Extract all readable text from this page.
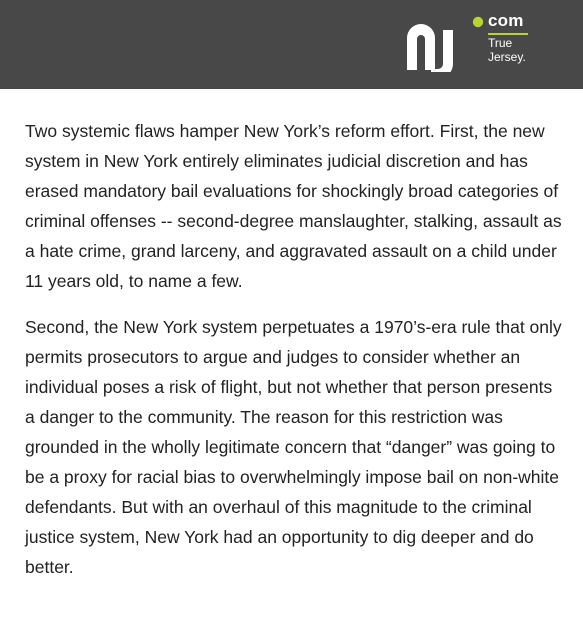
com
True
Jersey.

Two systemic flaws hamper New York’s reform effort. First, the new system in New York entirely eliminates judicial discretion and has erased mandatory bail evaluations for shockingly broad categories of criminal offenses -- second-degree manslaughter, stalking, assault as a hate crime, grand larceny, and aggravated assault on a child under 11 years old, to name a few.

Second, the New York system perpetuates a 1970’s-era rule that only permits prosecutors to argue and judges to consider whether an individual poses a risk of flight, but not whether that person presents a danger to the community. The reason for this restriction was grounded in the wholly legitimate concern that “danger” was going to be a proxy for racial bias to overwhelmingly impose bail on non-white defendants. But with an overhaul of this magnitude to the criminal justice system, New York had an opportunity to dig deeper and do better.
